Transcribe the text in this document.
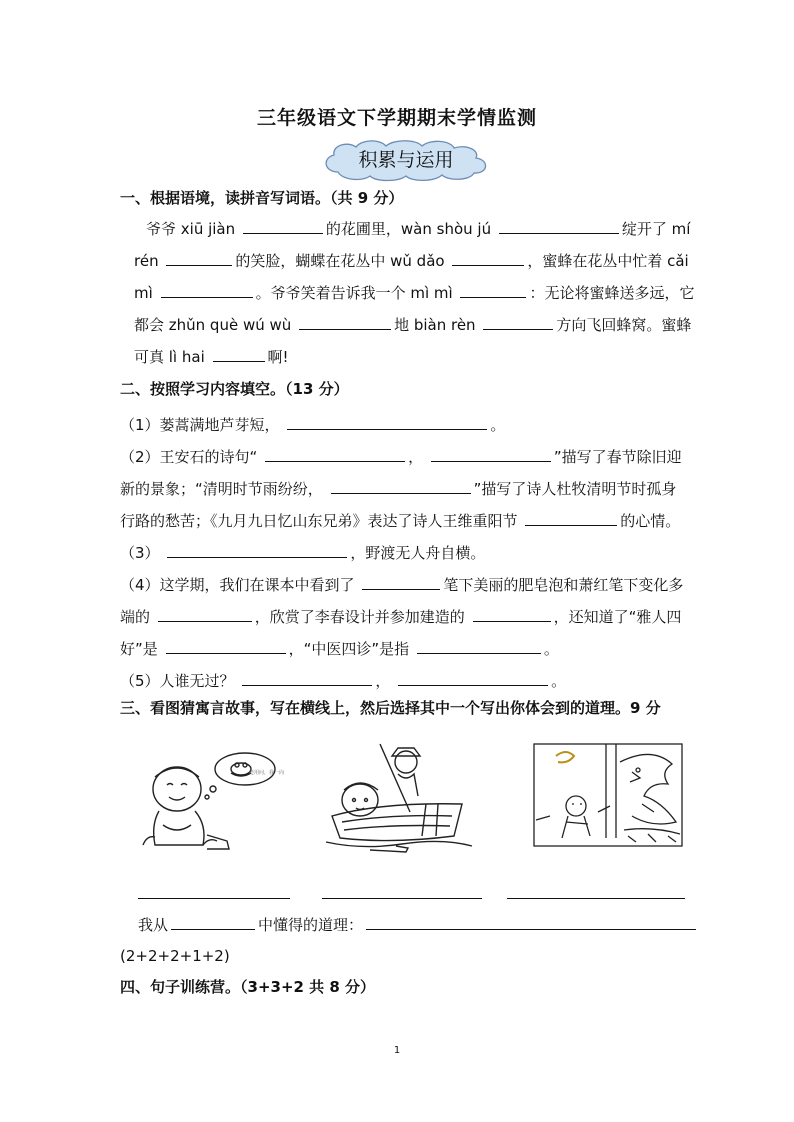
三年级语文下学期期末学情监测
积累与运用
一、根据语境，读拼音写词语。（共 9 分）
爷爷 xiū jiàn	的花圃里，wàn shòu jú	绽开了 mí
rén	的笑脸，蝴蝶在花丛中 wǔ dǎo	，蜜蜂在花丛中忙着 cǎi
mì	。爷爷笑着告诉我一个 mì mì	：无论将蜜蜂送多远，它
都会 zhǔn què wú wù	地 biàn rèn	方向飞回蜂窝。蜜蜂
可真 lì hai	啊!
二、按照学习内容填空。（13 分）
（1）蒌蒿满地芦芽短，	。
（2）王安石的诗句“	，	”描写了春节除旧迎
新的景象；“清明时节雨纷纷，	”描写了诗人杜牧清明节时孤身
行路的愁苦；《九月九日忆山东兄弟》表达了诗人王维重阳节	的心情。
（3）	，野渡无人舟自横。
（4）这学期，我们在课本中看到了	笔下美丽的肥皂泡和萧红笔下变化多
端的	，欣赏了李春设计并参加建造的	，还知道了“雅人四
好”是	，“中医四诊”是指	。
（5）人谁无过？	，	。
三、看图猜寓言故事，写在横线上，然后选择其中一个写出你体会到的道理。9 分
还用问，我一向
我从	中懂得的道理：
(2+2+2+1+2)
四、句子训练营。（3+3+2 共 8 分）
1
